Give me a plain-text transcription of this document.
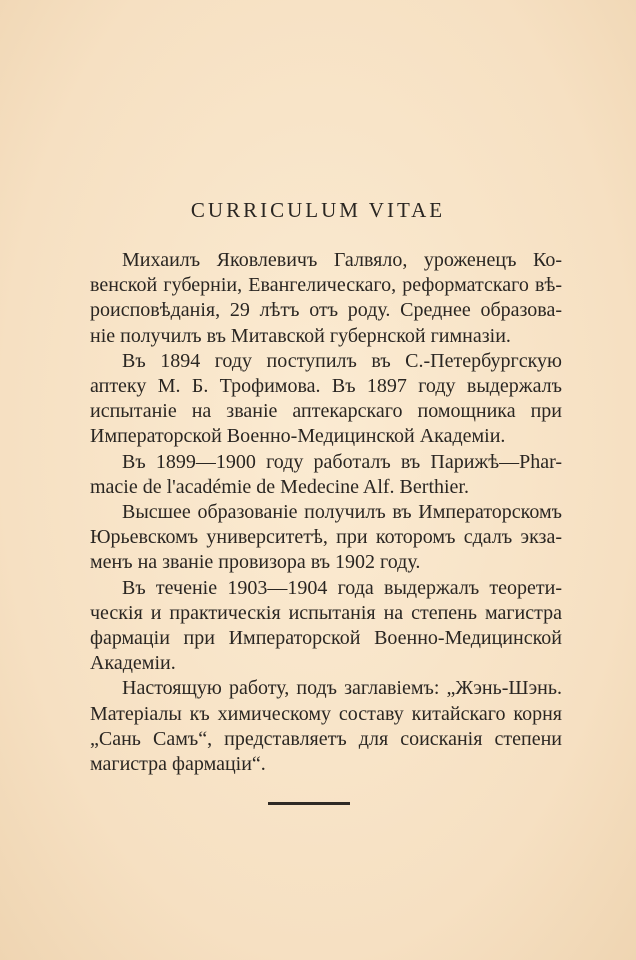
CURRICULUM VITAE
Михаилъ Яковлевичъ Галвяло, уроженецъ Ко-
венской губерніи, Евангелическаго, реформатскаго вѣ-
роисповѣданія, 29 лѣтъ отъ роду. Среднее образова-
ніе получилъ въ Митавской губернской гимназіи.
Въ 1894 году поступилъ въ С.-Петербургскую
аптеку М. Б. Трофимова. Въ 1897 году выдержалъ
испытаніе на званіе аптекарскаго помощника при
Императорской Военно-Медицинской Академіи.
Въ 1899—1900 году работалъ въ Парижѣ—Phar-
macie de l'académie de Medecine Alf. Berthier.
Высшее образованіе получилъ въ Императорскомъ
Юрьевскомъ университетѣ, при которомъ сдалъ экза-
менъ на званіе провизора въ 1902 году.
Въ теченіе 1903—1904 года выдержалъ теорети-
ческія и практическія испытанія на степень магистра
фармаціи при Императорской Военно-Медицинской
Академіи.
Настоящую работу, подъ заглавіемъ: „Жэнь-Шэнь.
Матеріалы къ химическому составу китайскаго корня
„Сань Самъ“, представляетъ для соисканія степени
магистра фармаціи“.
